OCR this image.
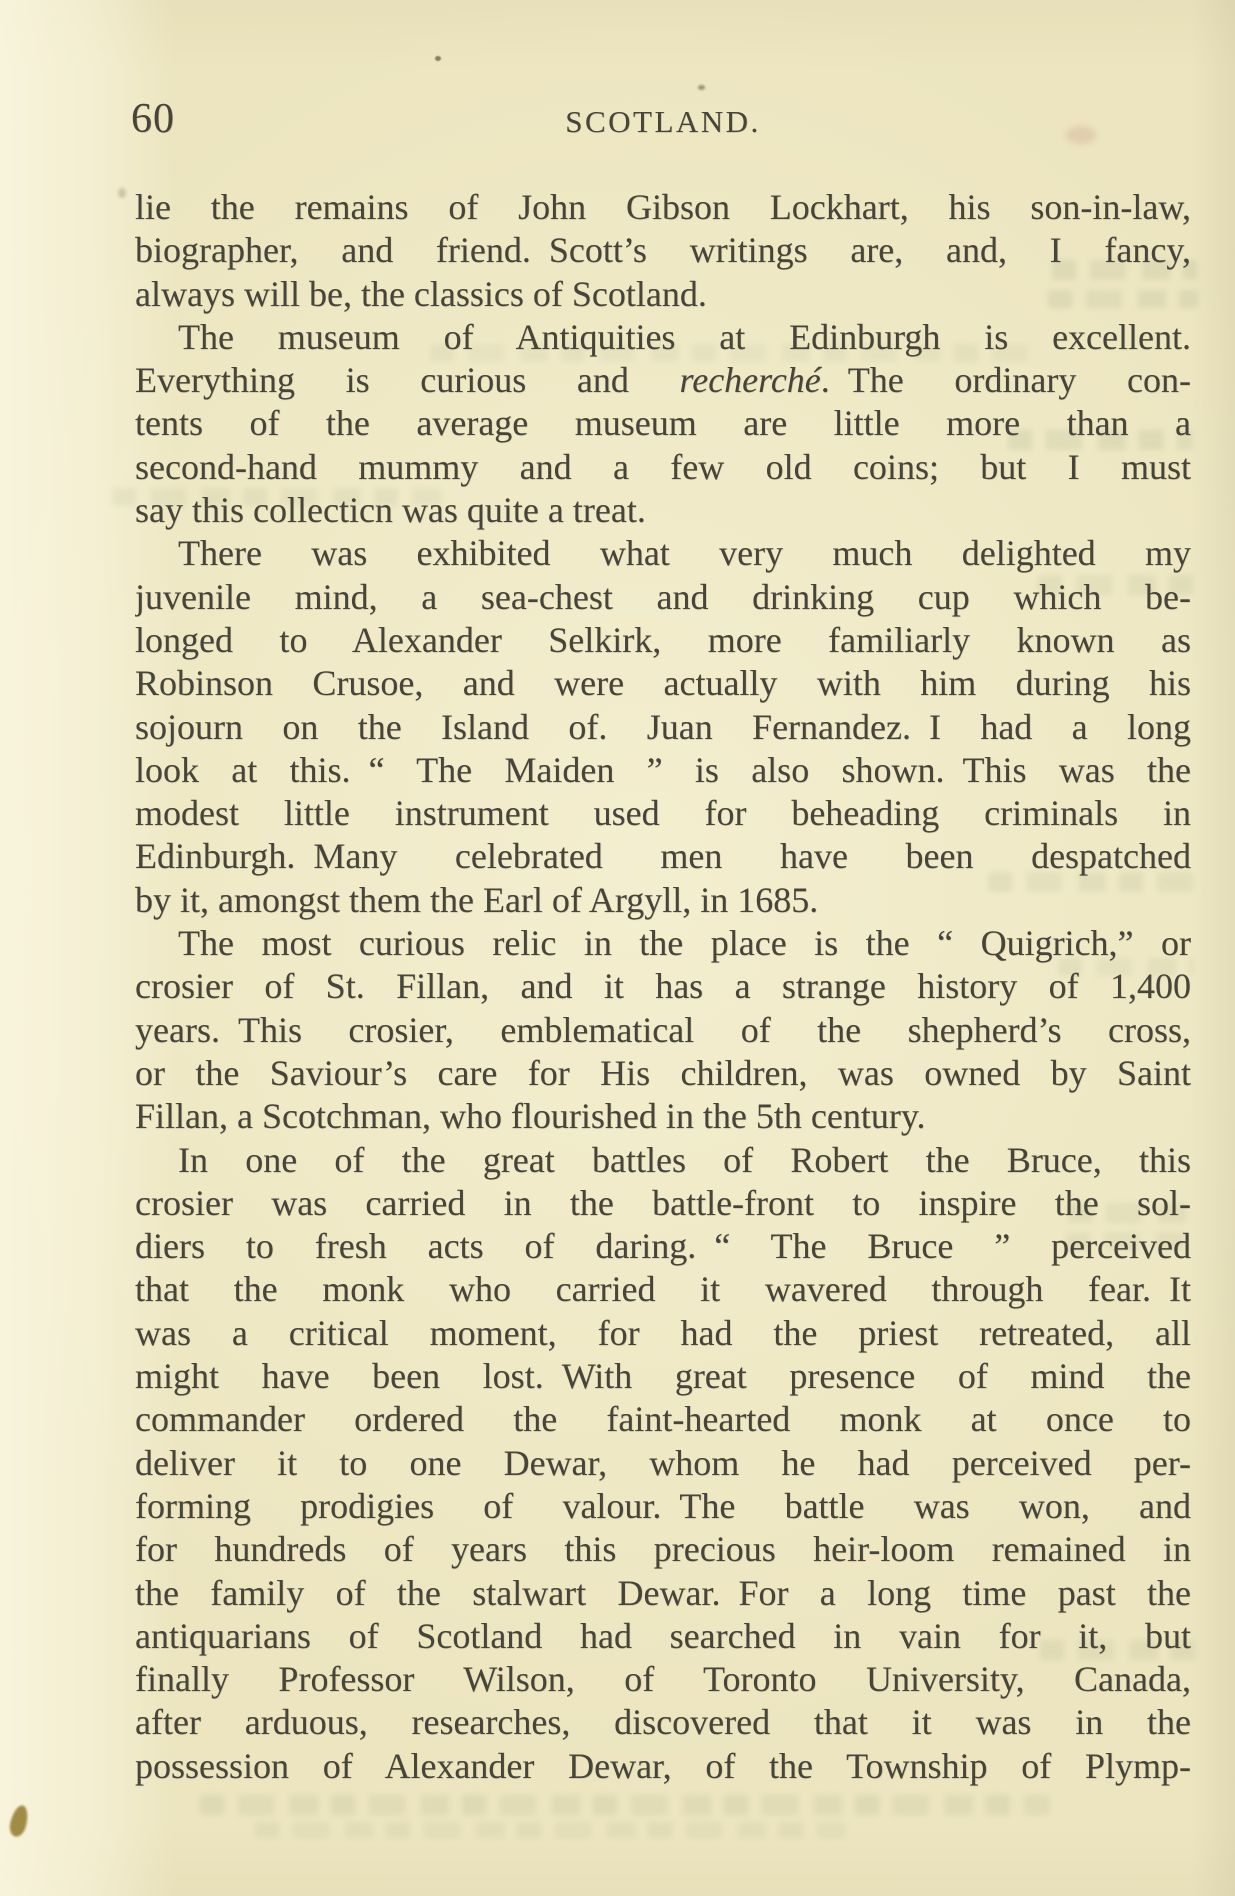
60	SCOTLAND.
lie the remains of John Gibson Lockhart, his son-in-law,
biographer, and friend. Scott’s writings are, and, I fancy,
always will be, the classics of Scotland.
The museum of Antiquities at Edinburgh is excellent.
Everything is curious and recherché. The ordinary con-
tents of the average museum are little more than a
second-hand mummy and a few old coins; but I must
say this collecticn was quite a treat.
There was exhibited what very much delighted my
juvenile mind, a sea-chest and drinking cup which be-
longed to Alexander Selkirk, more familiarly known as
Robinson Crusoe, and were actually with him during his
sojourn on the Island of. Juan Fernandez. I had a long
look at this. “ The Maiden ” is also shown. This was the
modest little instrument used for beheading criminals in
Edinburgh. Many celebrated men have been despatched
by it, amongst them the Earl of Argyll, in 1685.
The most curious relic in the place is the “ Quigrich,” or
crosier of St. Fillan, and it has a strange history of 1,400
years. This crosier, emblematical of the shepherd’s cross,
or the Saviour’s care for His children, was owned by Saint
Fillan, a Scotchman, who flourished in the 5th century.
In one of the great battles of Robert the Bruce, this
crosier was carried in the battle-front to inspire the sol-
diers to fresh acts of daring. “ The Bruce ” perceived
that the monk who carried it wavered through fear. It
was a critical moment, for had the priest retreated, all
might have been lost. With great presence of mind the
commander ordered the faint-hearted monk at once to
deliver it to one Dewar, whom he had perceived per-
forming prodigies of valour. The battle was won, and
for hundreds of years this precious heir-loom remained in
the family of the stalwart Dewar. For a long time past the
antiquarians of Scotland had searched in vain for it, but
finally Professor Wilson, of Toronto University, Canada,
after arduous, researches, discovered that it was in the
possession of Alexander Dewar, of the Township of Plymp-
